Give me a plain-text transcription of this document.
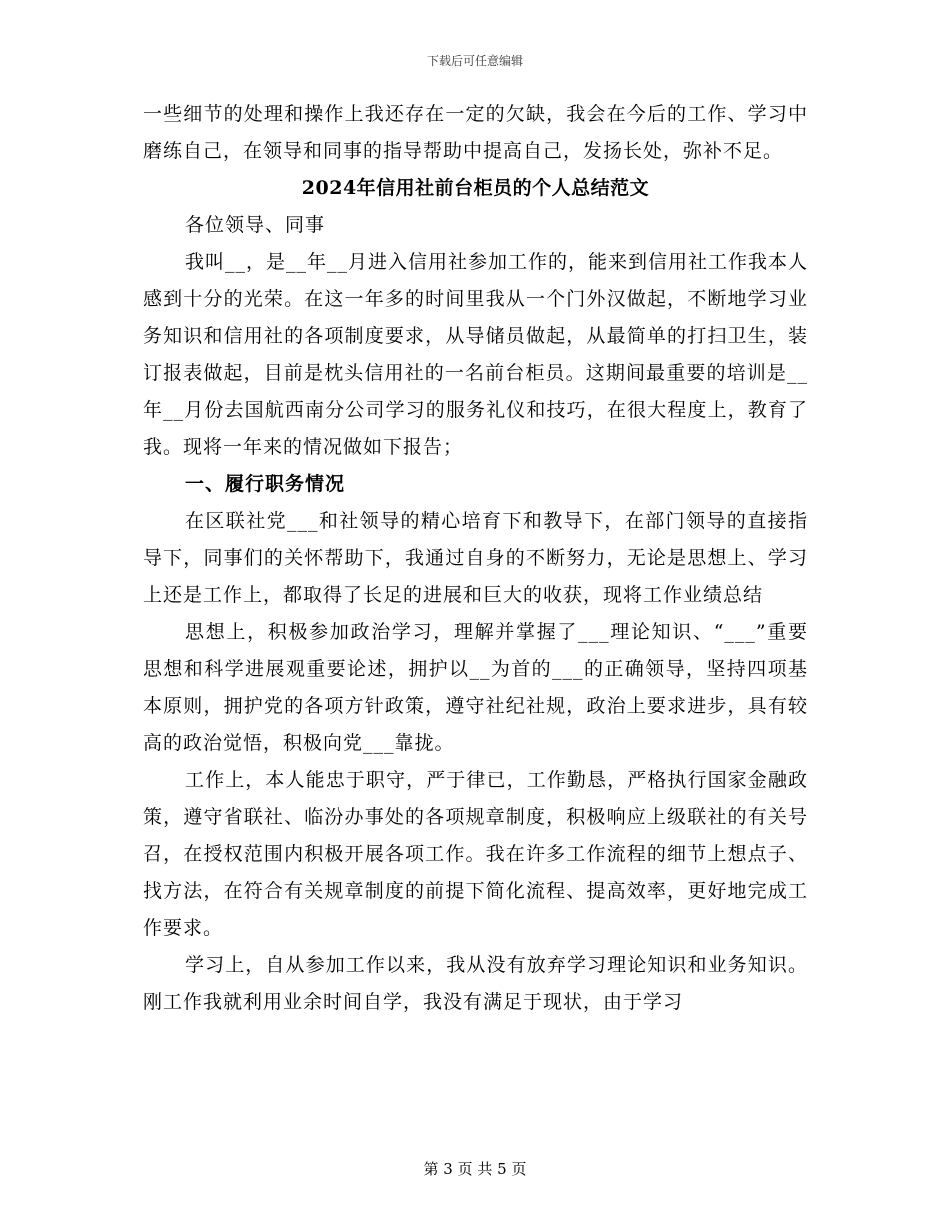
下载后可任意编辑

一些细节的处理和操作上我还存在一定的欠缺，我会在今后的工作、学习中磨练自己，在领导和同事的指导帮助中提高自己，发扬长处，弥补不足。

2024年信用社前台柜员的个人总结范文

各位领导、同事

我叫__，是__年__月进入信用社参加工作的，能来到信用社工作我本人感到十分的光荣。在这一年多的时间里我从一个门外汉做起，不断地学习业务知识和信用社的各项制度要求，从导储员做起，从最简单的打扫卫生，装订报表做起，目前是枕头信用社的一名前台柜员。这期间最重要的培训是__年__月份去国航西南分公司学习的服务礼仪和技巧，在很大程度上，教育了我。现将一年来的情况做如下报告；

一、履行职务情况

在区联社党___和社领导的精心培育下和教导下，在部门领导的直接指导下，同事们的关怀帮助下，我通过自身的不断努力，无论是思想上、学习上还是工作上，都取得了长足的进展和巨大的收获，现将工作业绩总结

思想上，积极参加政治学习，理解并掌握了___理论知识、“___”重要思想和科学进展观重要论述，拥护以__为首的___的正确领导，坚持四项基本原则，拥护党的各项方针政策，遵守社纪社规，政治上要求进步，具有较高的政治觉悟，积极向党___靠拢。

工作上，本人能忠于职守，严于律已，工作勤恳，严格执行国家金融政策，遵守省联社、临汾办事处的各项规章制度，积极响应上级联社的有关号召，在授权范围内积极开展各项工作。我在许多工作流程的细节上想点子、找方法，在符合有关规章制度的前提下简化流程、提高效率，更好地完成工作要求。

学习上，自从参加工作以来，我从没有放弃学习理论知识和业务知识。刚工作我就利用业余时间自学，我没有满足于现状，由于学习

第 3 页 共 5 页
